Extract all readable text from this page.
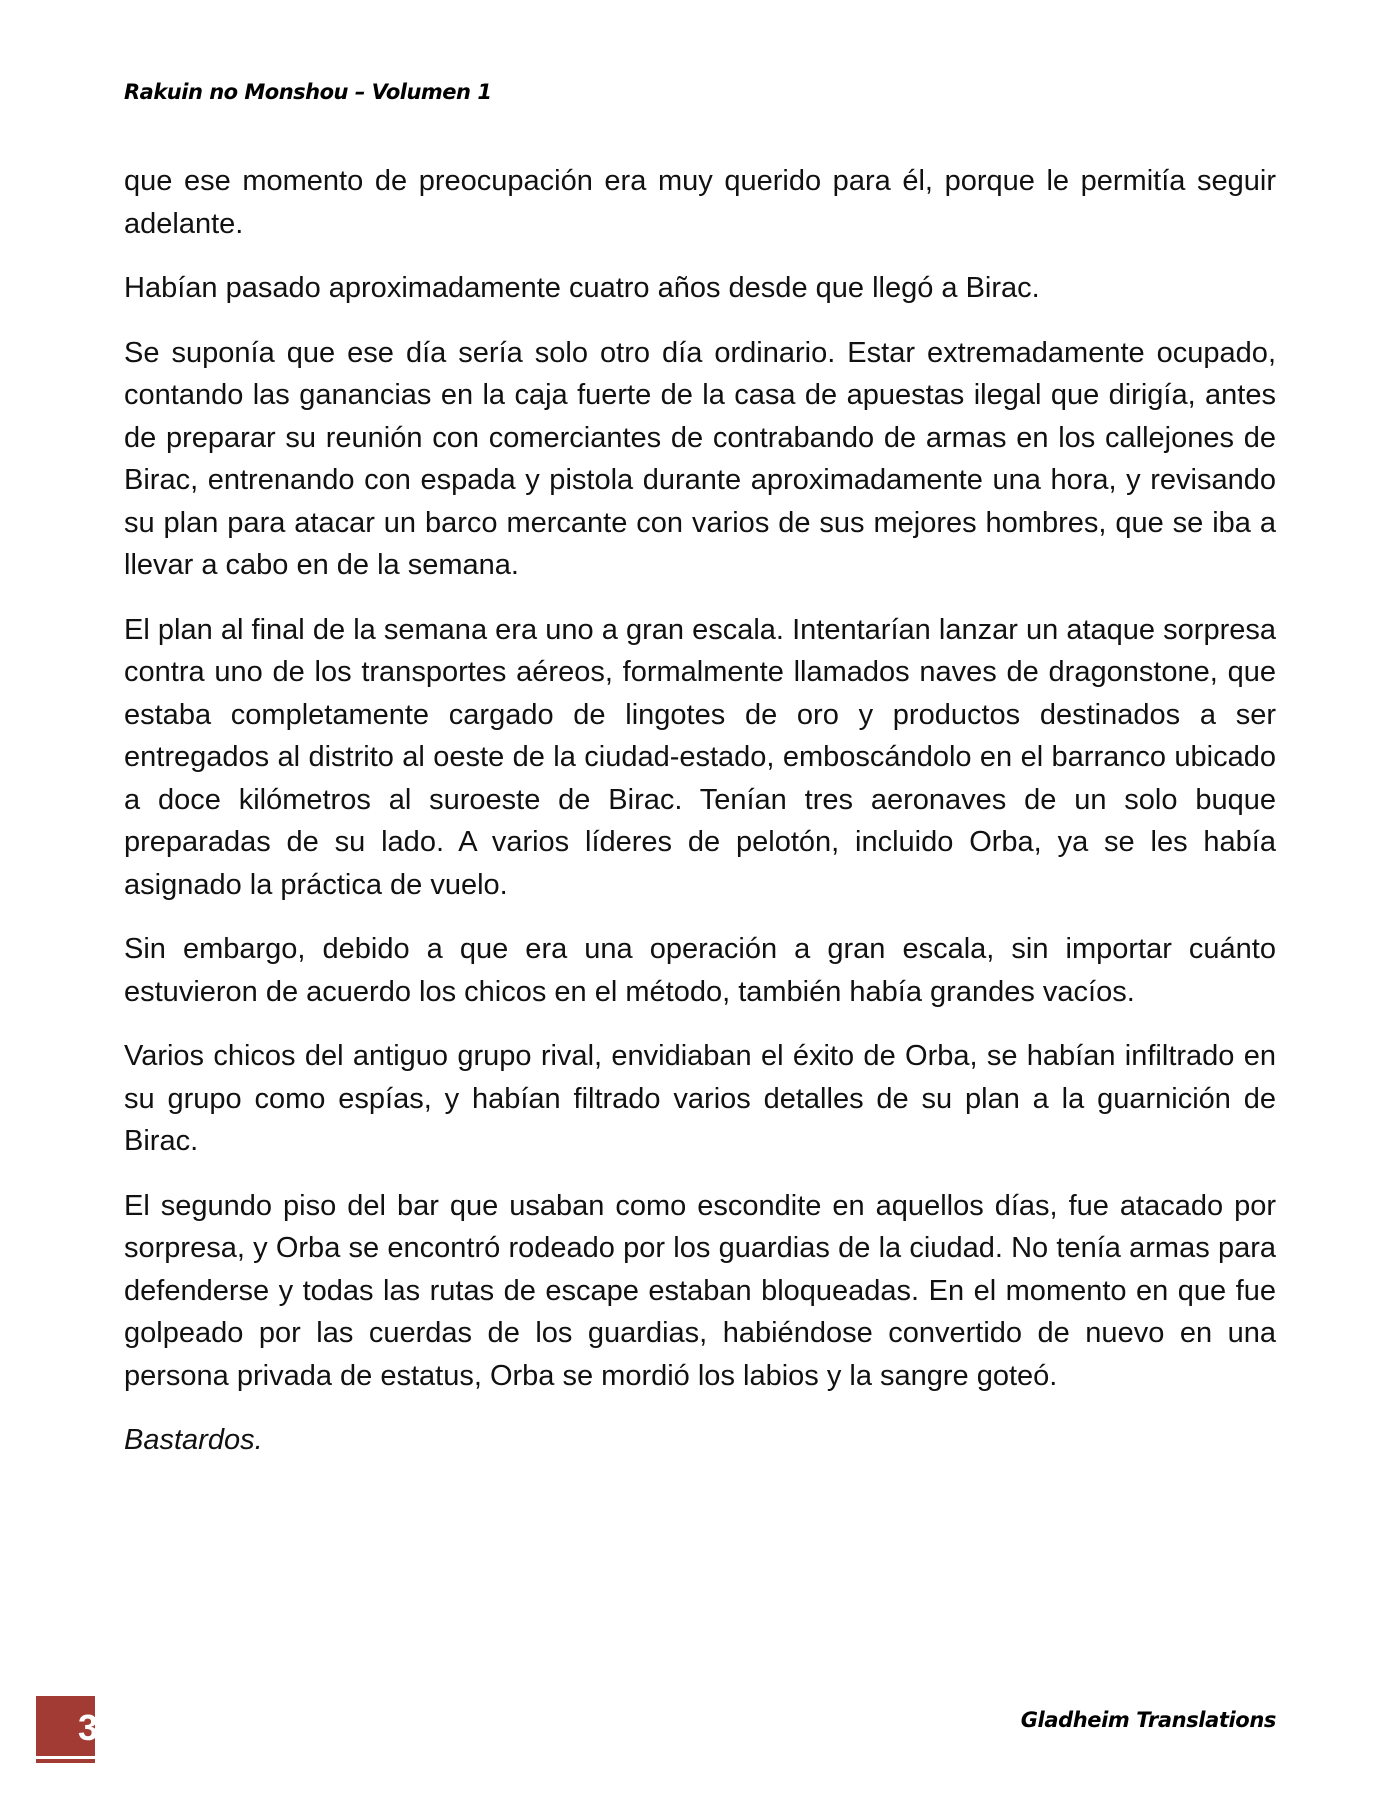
Rakuin no Monshou – Volumen 1

que ese momento de preocupación era muy querido para él, porque le permitía seguir adelante.

Habían pasado aproximadamente cuatro años desde que llegó a Birac.

Se suponía que ese día sería solo otro día ordinario. Estar extremadamente ocupado, contando las ganancias en la caja fuerte de la casa de apuestas ilegal que dirigía, antes de preparar su reunión con comerciantes de contrabando de armas en los callejones de Birac, entrenando con espada y pistola durante aproximadamente una hora, y revisando su plan para atacar un barco mercante con varios de sus mejores hombres, que se iba a llevar a cabo en de la semana.

El plan al final de la semana era uno a gran escala. Intentarían lanzar un ataque sorpresa contra uno de los transportes aéreos, formalmente llamados naves de dragonstone, que estaba completamente cargado de lingotes de oro y productos destinados a ser entregados al distrito al oeste de la ciudad-estado, emboscándolo en el barranco ubicado a doce kilómetros al suroeste de Birac. Tenían tres aeronaves de un solo buque preparadas de su lado. A varios líderes de pelotón, incluido Orba, ya se les había asignado la práctica de vuelo.

Sin embargo, debido a que era una operación a gran escala, sin importar cuánto estuvieron de acuerdo los chicos en el método, también había grandes vacíos.

Varios chicos del antiguo grupo rival, envidiaban el éxito de Orba, se habían infiltrado en su grupo como espías, y habían filtrado varios detalles de su plan a la guarnición de Birac.

El segundo piso del bar que usaban como escondite en aquellos días, fue atacado por sorpresa, y Orba se encontró rodeado por los guardias de la ciudad. No tenía armas para defenderse y todas las rutas de escape estaban bloqueadas. En el momento en que fue golpeado por las cuerdas de los guardias, habiéndose convertido de nuevo en una persona privada de estatus, Orba se mordió los labios y la sangre goteó.

Bastardos.

3	Gladheim Translations
